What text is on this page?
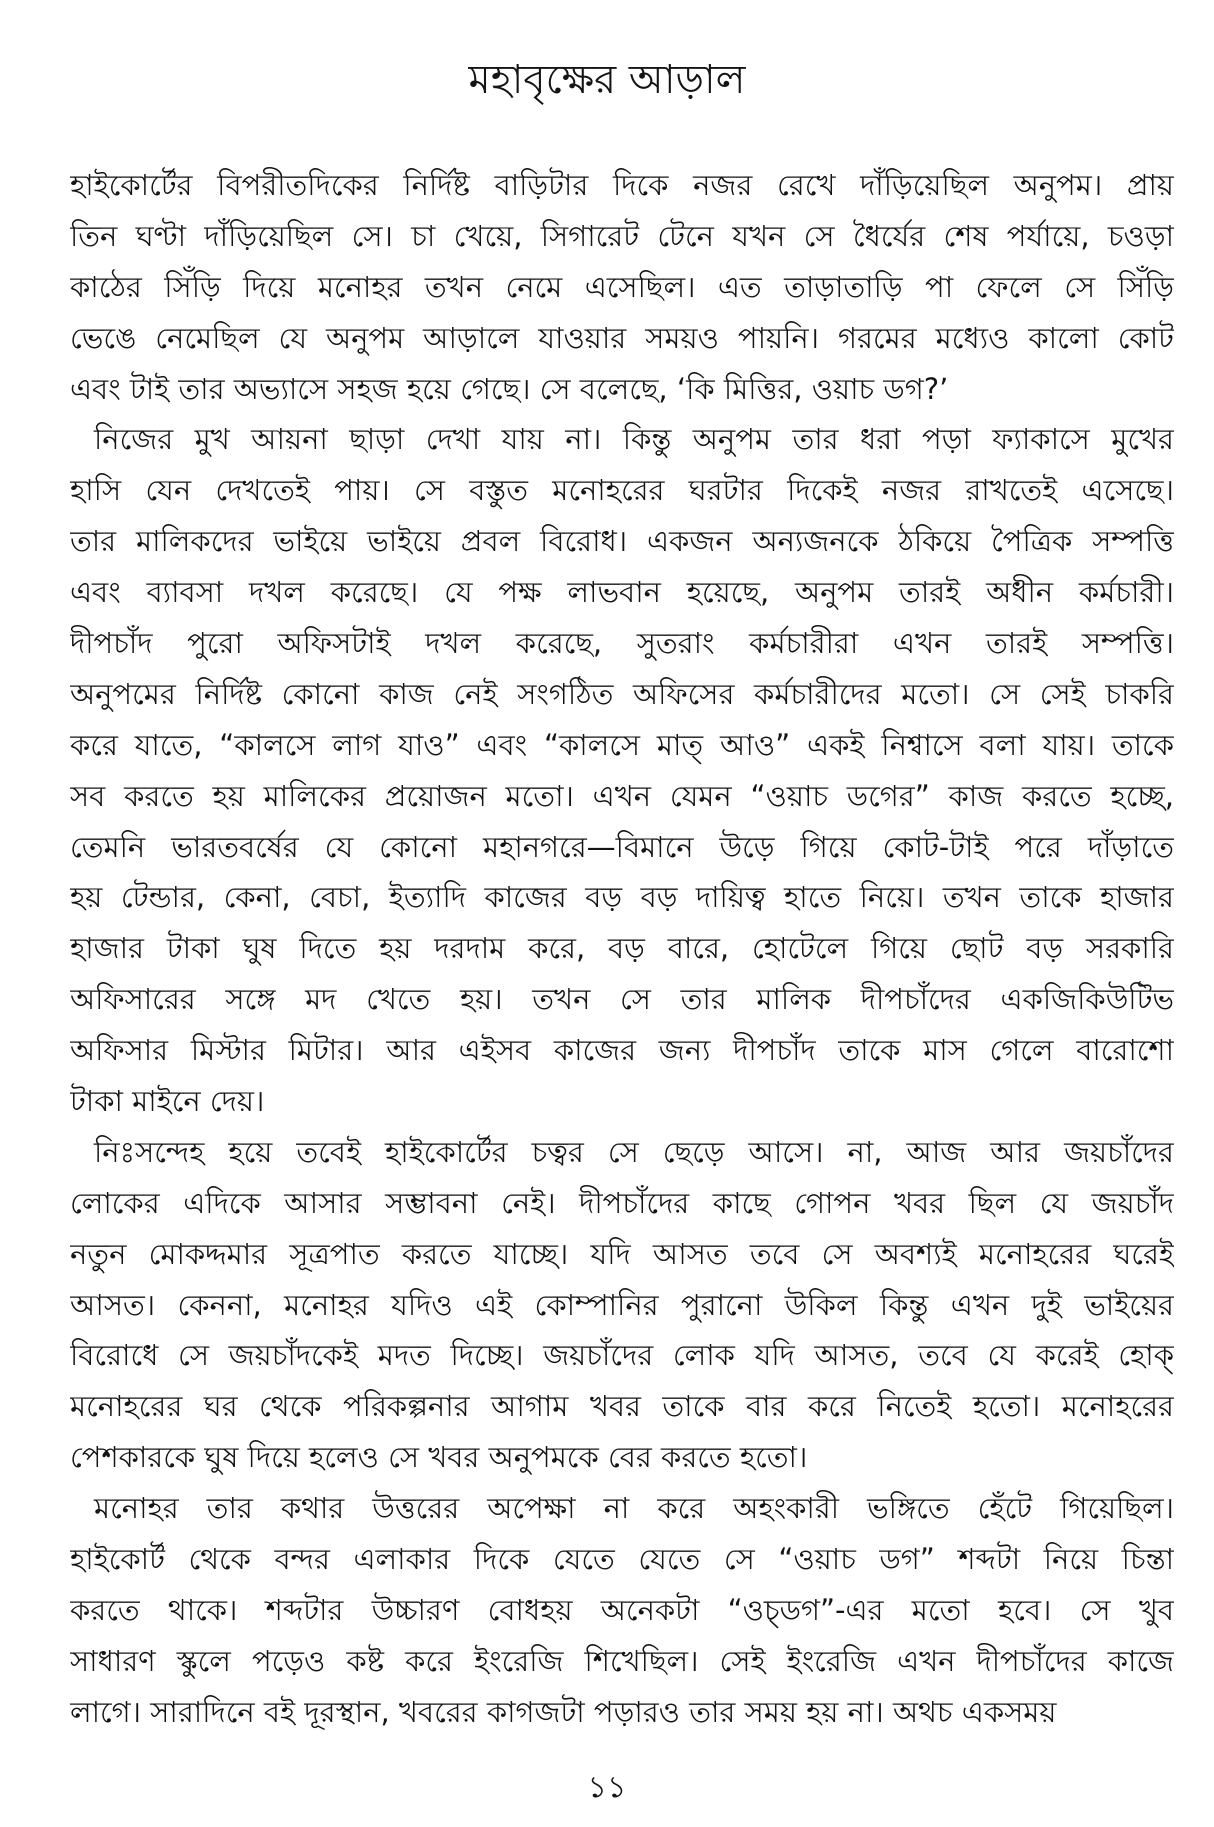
মহাবৃক্ষের আড়াল
হাইকোর্টের বিপরীতদিকের নির্দিষ্ট বাড়িটার দিকে নজর রেখে দাঁড়িয়েছিল অনুপম। প্রায়
তিন ঘণ্টা দাঁড়িয়েছিল সে। চা খেয়ে, সিগারেট টেনে যখন সে ধৈর্যের শেষ পর্যায়ে, চওড়া
কাঠের সিঁড়ি দিয়ে মনোহর তখন নেমে এসেছিল। এত তাড়াতাড়ি পা ফেলে সে সিঁড়ি
ভেঙে নেমেছিল যে অনুপম আড়ালে যাওয়ার সময়ও পায়নি। গরমের মধ্যেও কালো কোট
এবং টাই তার অভ্যাসে সহজ হয়ে গেছে। সে বলেছে, ‘কি মিত্তির, ওয়াচ ডগ?’
নিজের মুখ আয়না ছাড়া দেখা যায় না। কিন্তু অনুপম তার ধরা পড়া ফ্যাকাসে মুখের
হাসি যেন দেখতেই পায়। সে বস্তুত মনোহরের ঘরটার দিকেই নজর রাখতেই এসেছে।
তার মালিকদের ভাইয়ে ভাইয়ে প্রবল বিরোধ। একজন অন্যজনকে ঠকিয়ে পৈত্রিক সম্পত্তি
এবং ব্যাবসা দখল করেছে। যে পক্ষ লাভবান হয়েছে, অনুপম তারই অধীন কর্মচারী।
দীপচাঁদ পুরো অফিসটাই দখল করেছে, সুতরাং কর্মচারীরা এখন তারই সম্পত্তি।
অনুপমের নির্দিষ্ট কোনো কাজ নেই সংগঠিত অফিসের কর্মচারীদের মতো। সে সেই চাকরি
করে যাতে, “কালসে লাগ যাও” এবং “কালসে মাত্ আও” একই নিশ্বাসে বলা যায়। তাকে
সব করতে হয় মালিকের প্রয়োজন মতো। এখন যেমন “ওয়াচ ডগের” কাজ করতে হচ্ছে,
তেমনি ভারতবর্ষের যে কোনো মহানগরে—বিমানে উড়ে গিয়ে কোট-টাই পরে দাঁড়াতে
হয় টেন্ডার, কেনা, বেচা, ইত্যাদি কাজের বড় বড় দায়িত্ব হাতে নিয়ে। তখন তাকে হাজার
হাজার টাকা ঘুষ দিতে হয় দরদাম করে, বড় বারে, হোটেলে গিয়ে ছোট বড় সরকারি
অফিসারের সঙ্গে মদ খেতে হয়। তখন সে তার মালিক দীপচাঁদের একজিকিউটিভ
অফিসার মিস্টার মিটার। আর এইসব কাজের জন্য দীপচাঁদ তাকে মাস গেলে বারোশো
টাকা মাইনে দেয়।
নিঃসন্দেহ হয়ে তবেই হাইকোর্টের চত্বর সে ছেড়ে আসে। না, আজ আর জয়চাঁদের
লোকের এদিকে আসার সম্ভাবনা নেই। দীপচাঁদের কাছে গোপন খবর ছিল যে জয়চাঁদ
নতুন মোকদ্দমার সূত্রপাত করতে যাচ্ছে। যদি আসত তবে সে অবশ্যই মনোহরের ঘরেই
আসত। কেননা, মনোহর যদিও এই কোম্পানির পুরানো উকিল কিন্তু এখন দুই ভাইয়ের
বিরোধে সে জয়চাঁদকেই মদত দিচ্ছে। জয়চাঁদের লোক যদি আসত, তবে যে করেই হোক্
মনোহরের ঘর থেকে পরিকল্পনার আগাম খবর তাকে বার করে নিতেই হতো। মনোহরের
পেশকারকে ঘুষ দিয়ে হলেও সে খবর অনুপমকে বের করতে হতো।
মনোহর তার কথার উত্তরের অপেক্ষা না করে অহংকারী ভঙ্গিতে হেঁটে গিয়েছিল।
হাইকোর্ট থেকে বন্দর এলাকার দিকে যেতে যেতে সে “ওয়াচ ডগ” শব্দটা নিয়ে চিন্তা
করতে থাকে। শব্দটার উচ্চারণ বোধহয় অনেকটা “ওচ্ডগ”-এর মতো হবে। সে খুব
সাধারণ স্কুলে পড়েও কষ্ট করে ইংরেজি শিখেছিল। সেই ইংরেজি এখন দীপচাঁদের কাজে
লাগে। সারাদিনে বই দূরস্থান, খবরের কাগজটা পড়ারও তার সময় হয় না। অথচ একসময়
১১
